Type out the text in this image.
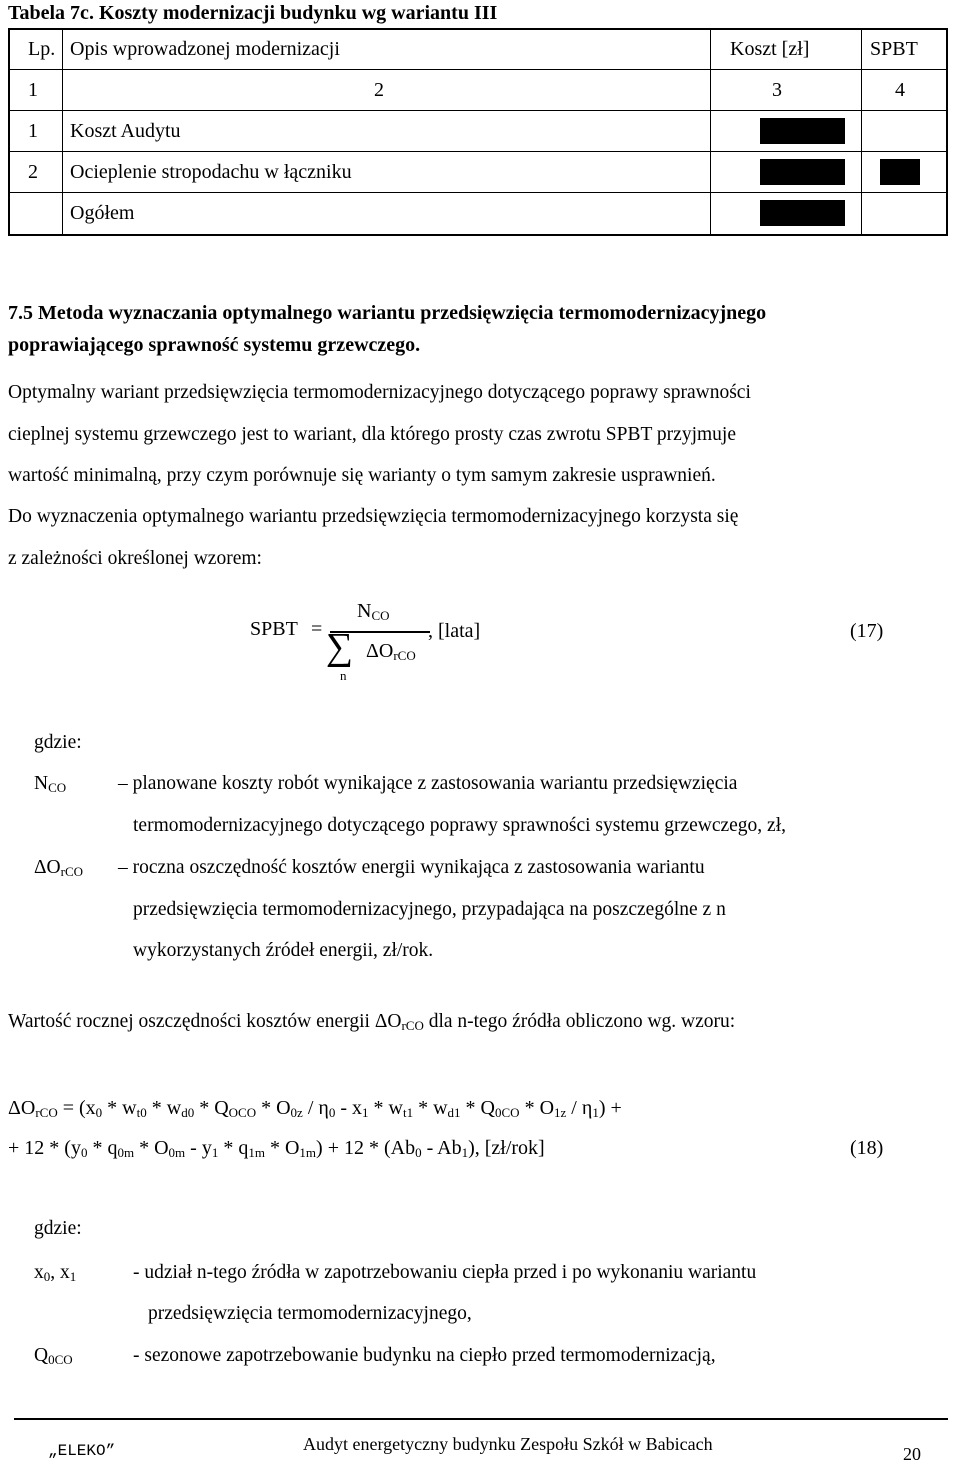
Tabela 7c. Koszty modernizacji budynku wg wariantu III
Lp. Opis wprowadzonej modernizacji	Koszt [zł]	SPBT
1	2	3	4
1 Koszt Audytu
2 Ocieplenie stropodachu w łączniku
Ogółem
7.5 Metoda wyznaczania optymalnego wariantu przedsięwzięcia termomodernizacyjnego
poprawiającego sprawność systemu grzewczego.
Optymalny wariant przedsięwzięcia termomodernizacyjnego dotyczącego poprawy sprawności
cieplnej systemu grzewczego jest to wariant, dla którego prosty czas zwrotu SPBT przyjmuje
wartość minimalną, przy czym porównuje się warianty o tym samym zakresie usprawnień.
Do wyznaczenia optymalnego wariantu przedsięwzięcia termomodernizacyjnego korzysta się
z zależności określonej wzorem:
SPBT =
$N_{CO}$
∑
n
$\Delta O_{rCO}$
, [lata]	(17)
gdzie:
$N_{CO}$	– planowane koszty robót wynikające z zastosowania wariantu przedsięwzięcia
termomodernizacyjnego dotyczącego poprawy sprawności systemu grzewczego, zł,
$\Delta O_{rCO}$ – roczna oszczędność kosztów energii wynikająca z zastosowania wariantu
przedsięwzięcia termomodernizacyjnego, przypadająca na poszczególne z n
wykorzystanych źródeł energii, zł/rok.
Wartość rocznej oszczędności kosztów energii $\Delta O_{rCO}$ dla n-tego źródła obliczono wg. wzoru:
$\Delta O_{rCO} = (x_0 * w_{t0} * w_{d0} * Q_{OCO} * O_{0z} / \eta_0 - x_1 * w_{t1} * w_{d1} * Q_{0CO} * O_{1z} / \eta_1)$ +
+ $12 * (y_0 * q_{0m} * O_{0m} - y_1 * q_{1m} * O_{1m}) + 12 * (Ab_0 - Ab_1)$, [zł/rok]	(18)
gdzie:
$x_0$, $x_1$	- udział n-tego źródła w zapotrzebowaniu ciepła przed i po wykonaniu wariantu
przedsięwzięcia termomodernizacyjnego,
$Q_{0CO}$	- sezonowe zapotrzebowanie budynku na ciepło przed termomodernizacją,
„ELEKO”	Audyt energetyczny budynku Zespołu Szkół w Babicach	20
